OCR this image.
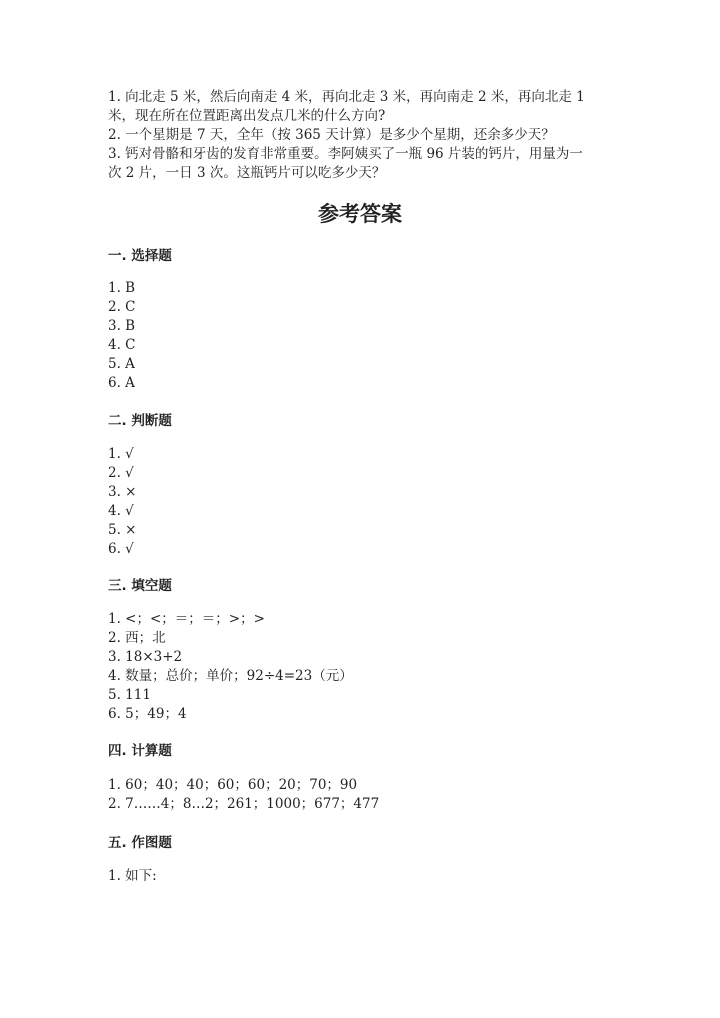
1. 向北走 5 米，然后向南走 4 米，再向北走 3 米，再向南走 2 米，再向北走 1
米，现在所在位置距离出发点几米的什么方向?
2. 一个星期是 7 天，全年（按 365 天计算）是多少个星期，还余多少天？
3. 钙对骨骼和牙齿的发育非常重要。李阿姨买了一瓶 96 片装的钙片，用量为一
次 2 片，一日 3 次。这瓶钙片可以吃多少天？
参考答案
一. 选择题
1. B
2. C
3. B
4. C
5. A
6. A
二. 判断题
1. √
2. √
3. ×
4. √
5. ×
6. √
三. 填空题
1. <；<；＝；＝；>；>
2. 西；北
3. 18×3+2
4. 数量；总价；单价；92÷4=23（元）
5. 111
6. 5；49；4
四. 计算题
1. 60；40；40；60；60；20；70；90
2. 7……4；8…2；261；1000；677；477
五. 作图题
1. 如下:
